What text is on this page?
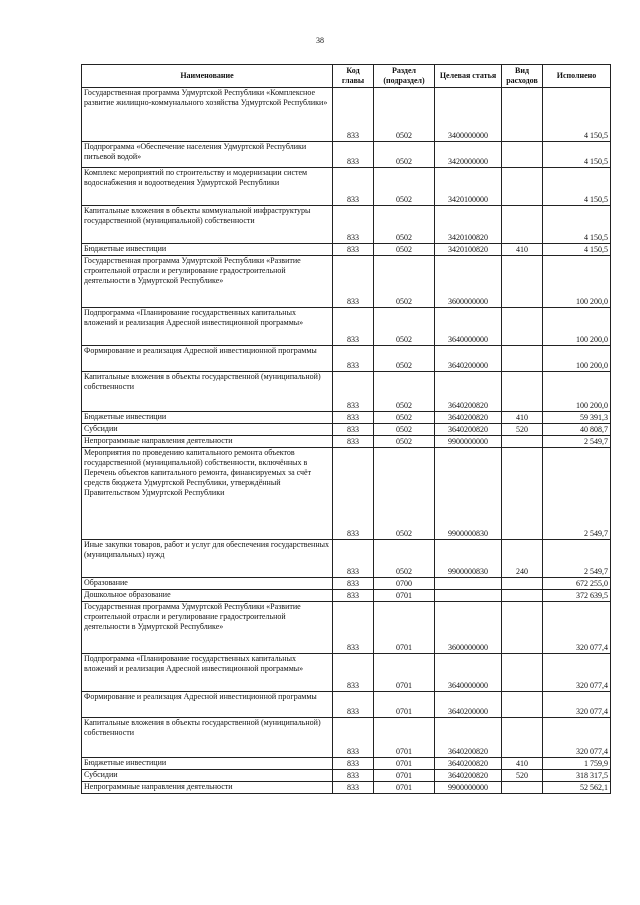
38
Наименование	Код главы	Раздел (подраздел)	Целевая статья	Вид расходов	Исполнено
Государственная программа Удмуртской Республики «Комплексное развитие жилищно-коммунального хозяйства Удмуртской Республики»	833	0502	3400000000		4 150,5
Подпрограмма «Обеспечение населения Удмуртской Республики питьевой водой»	833	0502	3420000000		4 150,5
Комплекс мероприятий по строительству и модернизации систем водоснабжения и водоотведения Удмуртской Республики	833	0502	3420100000		4 150,5
Капитальные вложения в объекты коммунальной инфраструктуры государственной (муниципальной) собственности	833	0502	3420100820		4 150,5
Бюджетные инвестиции	833	0502	3420100820	410	4 150,5
Государственная программа Удмуртской Республики «Развитие строительной отрасли и регулирование градостроительной деятельности в Удмуртской Республике»	833	0502	3600000000		100 200,0
Подпрограмма «Планирование государственных капитальных вложений и реализация Адресной инвестиционной программы»	833	0502	3640000000		100 200,0
Формирование и реализация Адресной инвестиционной программы	833	0502	3640200000		100 200,0
Капитальные вложения в объекты государственной (муниципальной) собственности	833	0502	3640200820		100 200,0
Бюджетные инвестиции	833	0502	3640200820	410	59 391,3
Субсидии	833	0502	3640200820	520	40 808,7
Непрограммные направления деятельности	833	0502	9900000000		2 549,7
Мероприятия по проведению капитального ремонта объектов государственной (муниципальной) собственности, включённых в Перечень объектов капитального ремонта, финансируемых за счёт средств бюджета Удмуртской Республики, утверждённый Правительством Удмуртской Республики	833	0502	9900000830		2 549,7
Иные закупки товаров, работ и услуг для обеспечения государственных (муниципальных) нужд	833	0502	9900000830	240	2 549,7
Образование	833	0700			672 255,0
Дошкольное образование	833	0701			372 639,5
Государственная программа Удмуртской Республики «Развитие строительной отрасли и регулирование градостроительной деятельности в Удмуртской Республике»	833	0701	3600000000		320 077,4
Подпрограмма «Планирование государственных капитальных вложений и реализация Адресной инвестиционной программы»	833	0701	3640000000		320 077,4
Формирование и реализация Адресной инвестиционной программы	833	0701	3640200000		320 077,4
Капитальные вложения в объекты государственной (муниципальной) собственности	833	0701	3640200820		320 077,4
Бюджетные инвестиции	833	0701	3640200820	410	1 759,9
Субсидии	833	0701	3640200820	520	318 317,5
Непрограммные направления деятельности	833	0701	9900000000		52 562,1
